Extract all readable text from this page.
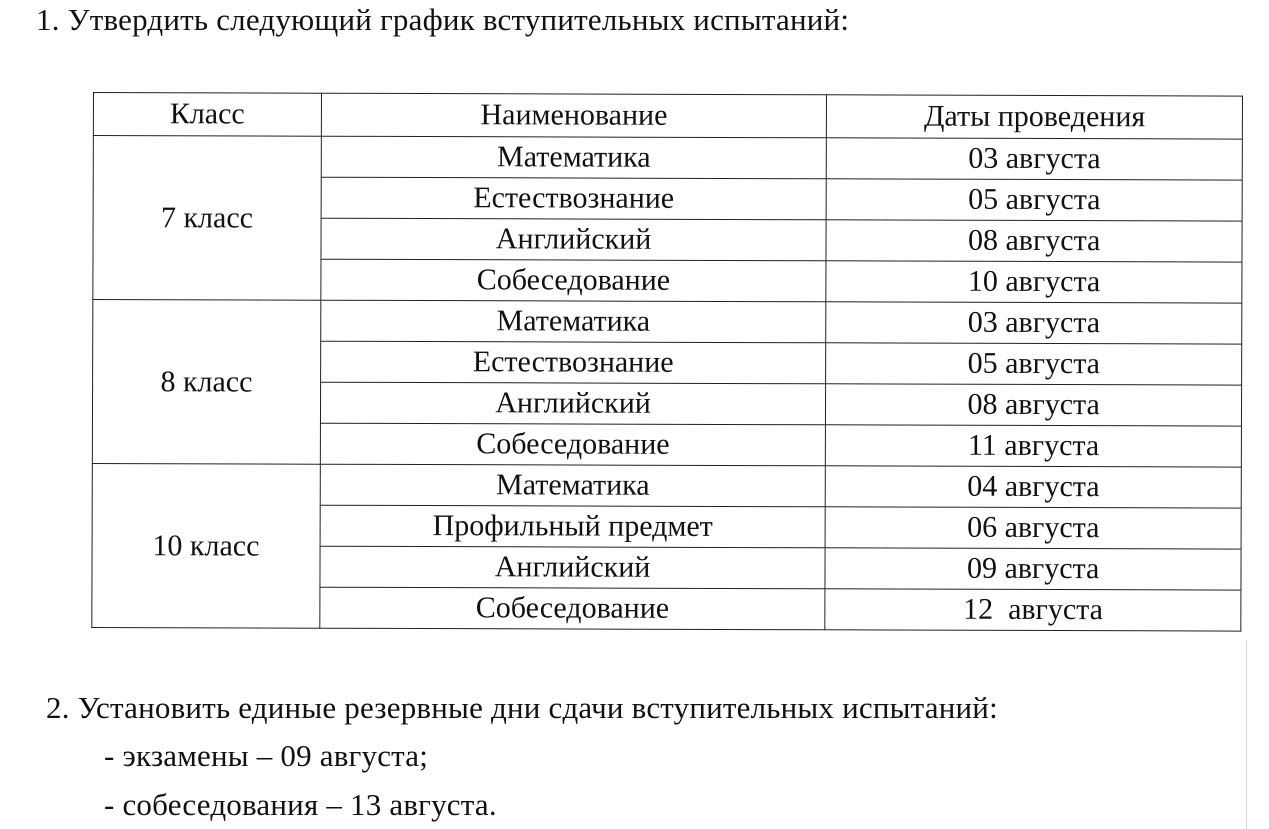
1. Утвердить следующий график вступительных испытаний:
Класс	Наименование	Даты проведения
7 класс	Математика	03 августа
	Естествознание	05 августа
	Английский	08 августа
	Собеседование	10 августа
8 класс	Математика	03 августа
	Естествознание	05 августа
	Английский	08 августа
	Собеседование	11 августа
10 класс	Математика	04 августа
	Профильный предмет	06 августа
	Английский	09 августа
	Собеседование	12  августа
2. Установить единые резервные дни сдачи вступительных испытаний:
- экзамены – 09 августа;
- собеседования – 13 августа.
